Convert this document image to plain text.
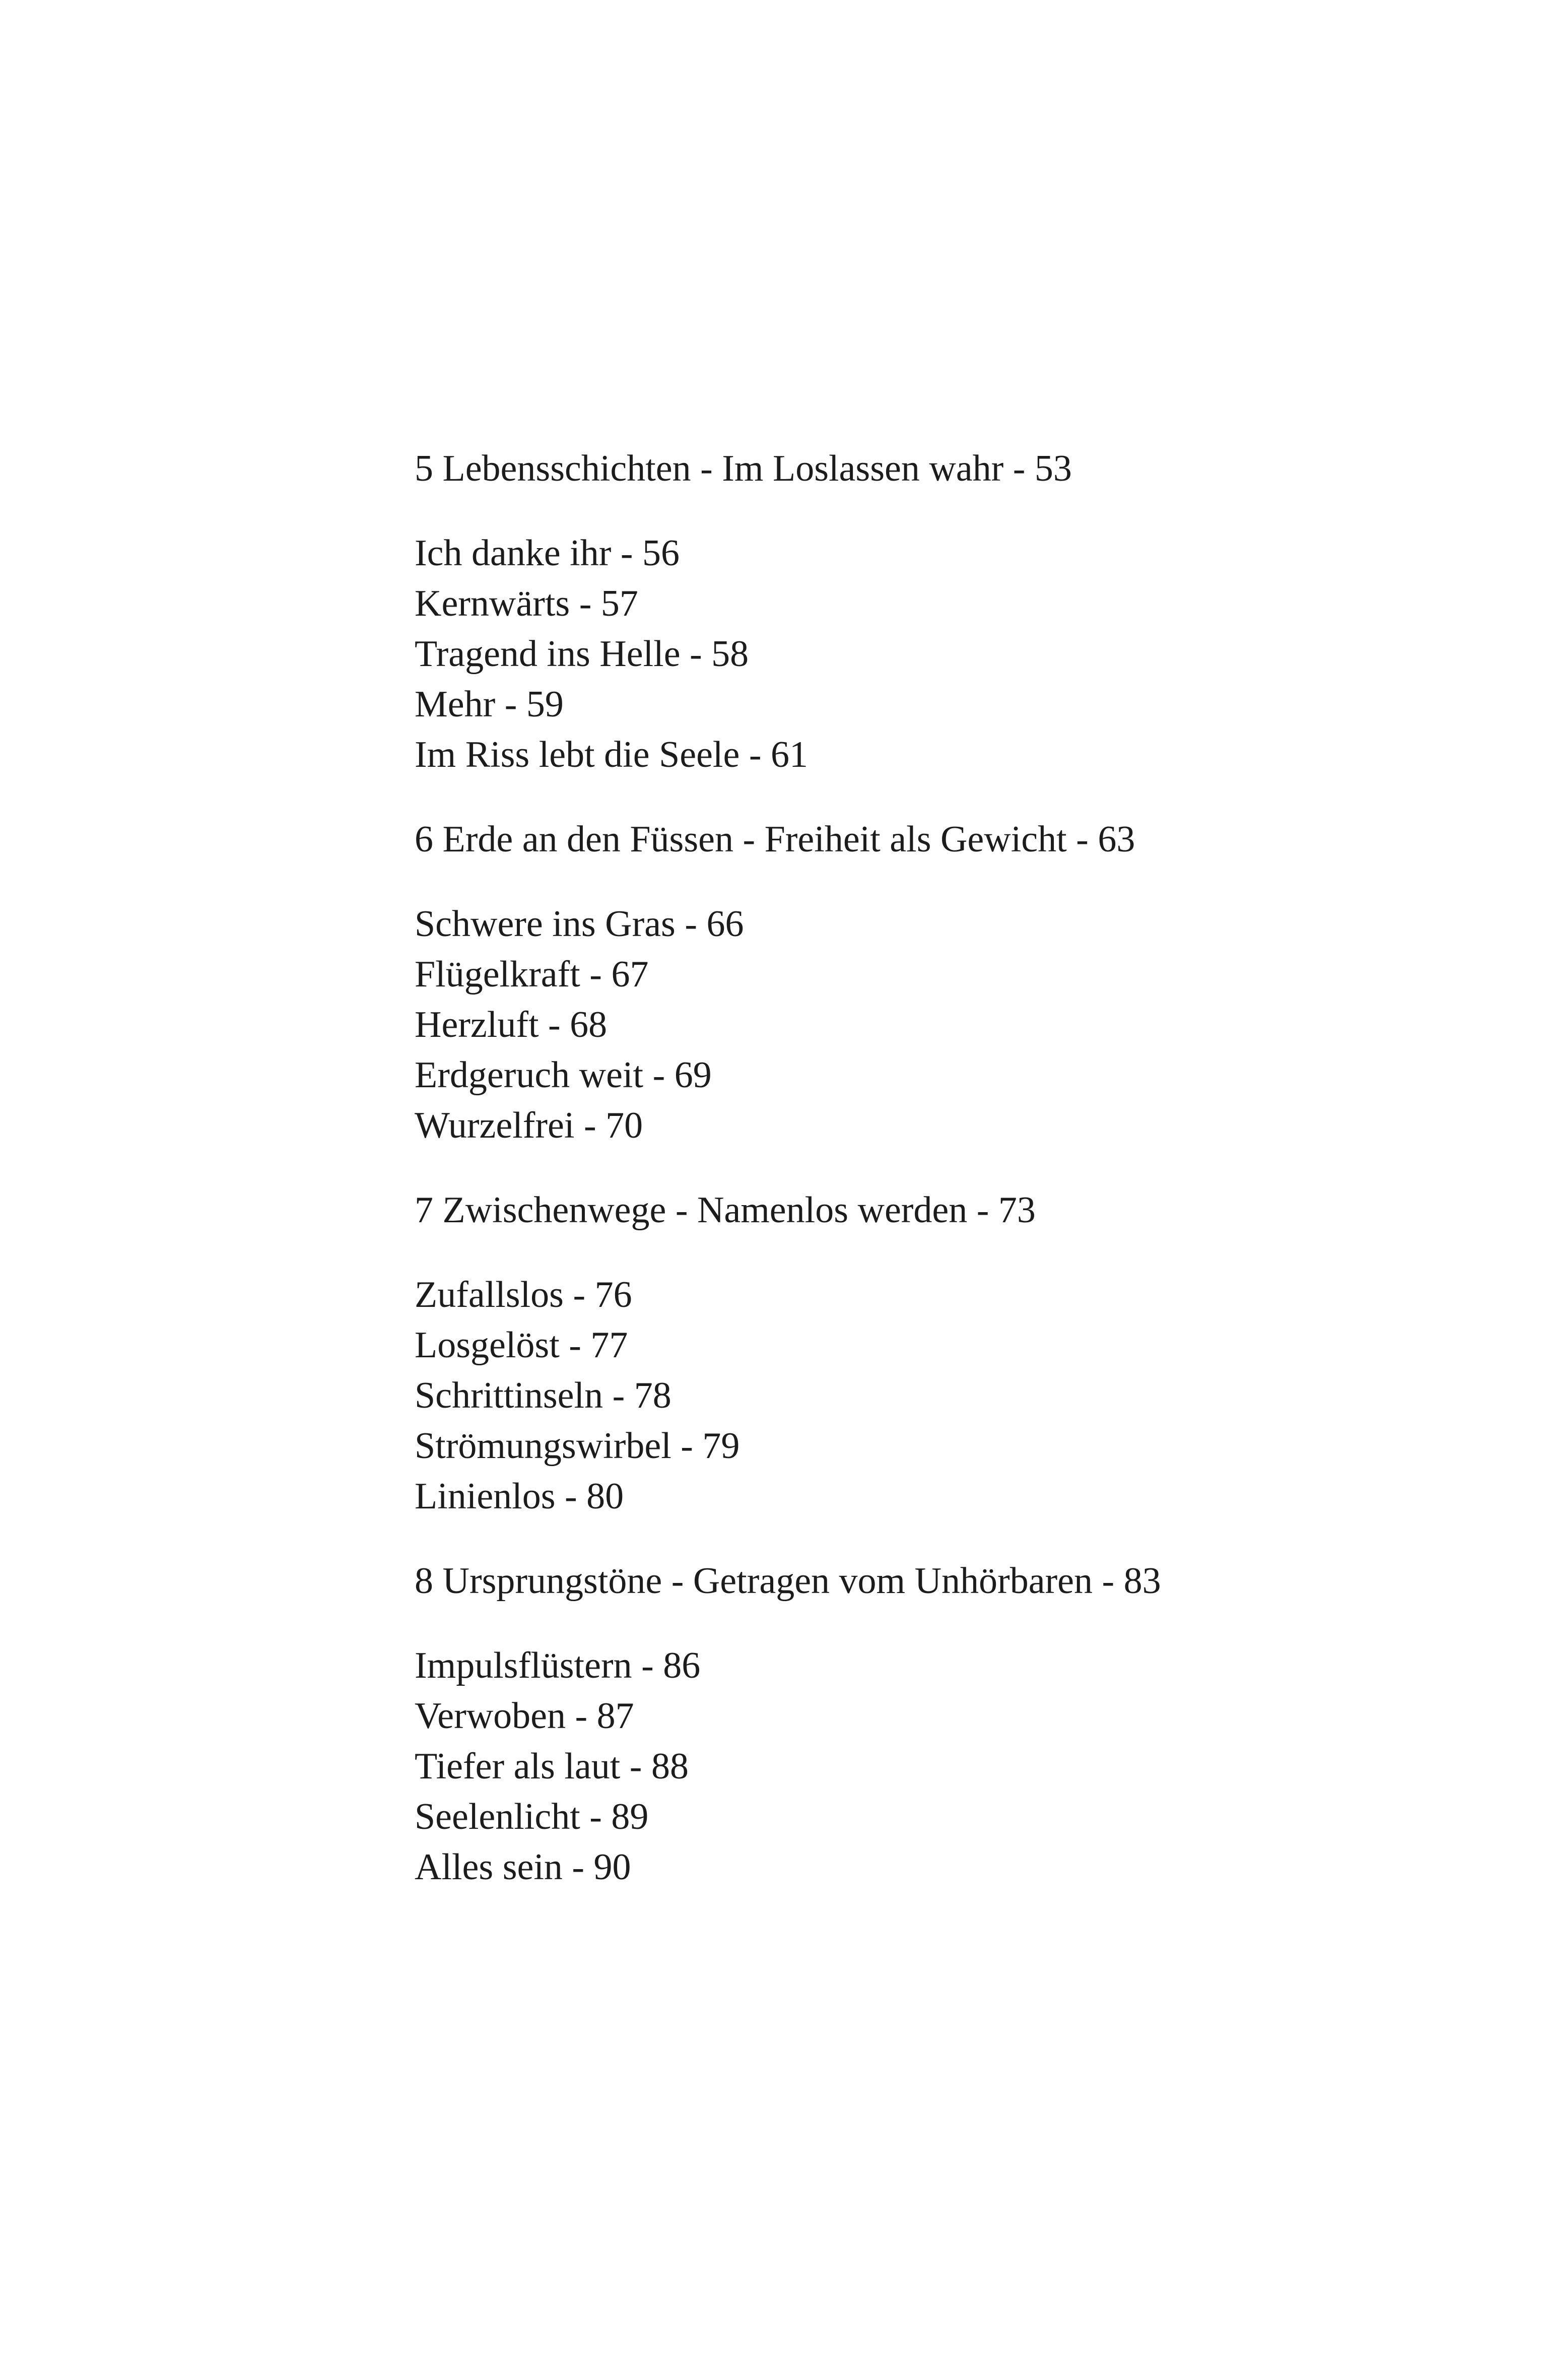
5 Lebensschichten - Im Loslassen wahr - 53
Ich danke ihr - 56
Kernwärts - 57
Tragend ins Helle - 58
Mehr - 59
Im Riss lebt die Seele - 61
6 Erde an den Füssen - Freiheit als Gewicht - 63
Schwere ins Gras - 66
Flügelkraft - 67
Herzluft - 68
Erdgeruch weit - 69
Wurzelfrei - 70
7 Zwischenwege - Namenlos werden - 73
Zufallslos - 76
Losgelöst - 77
Schrittinseln - 78
Strömungswirbel - 79
Linienlos - 80
8 Ursprungstöne - Getragen vom Unhörbaren - 83
Impulsflüstern - 86
Verwoben - 87
Tiefer als laut - 88
Seelenlicht - 89
Alles sein - 90
